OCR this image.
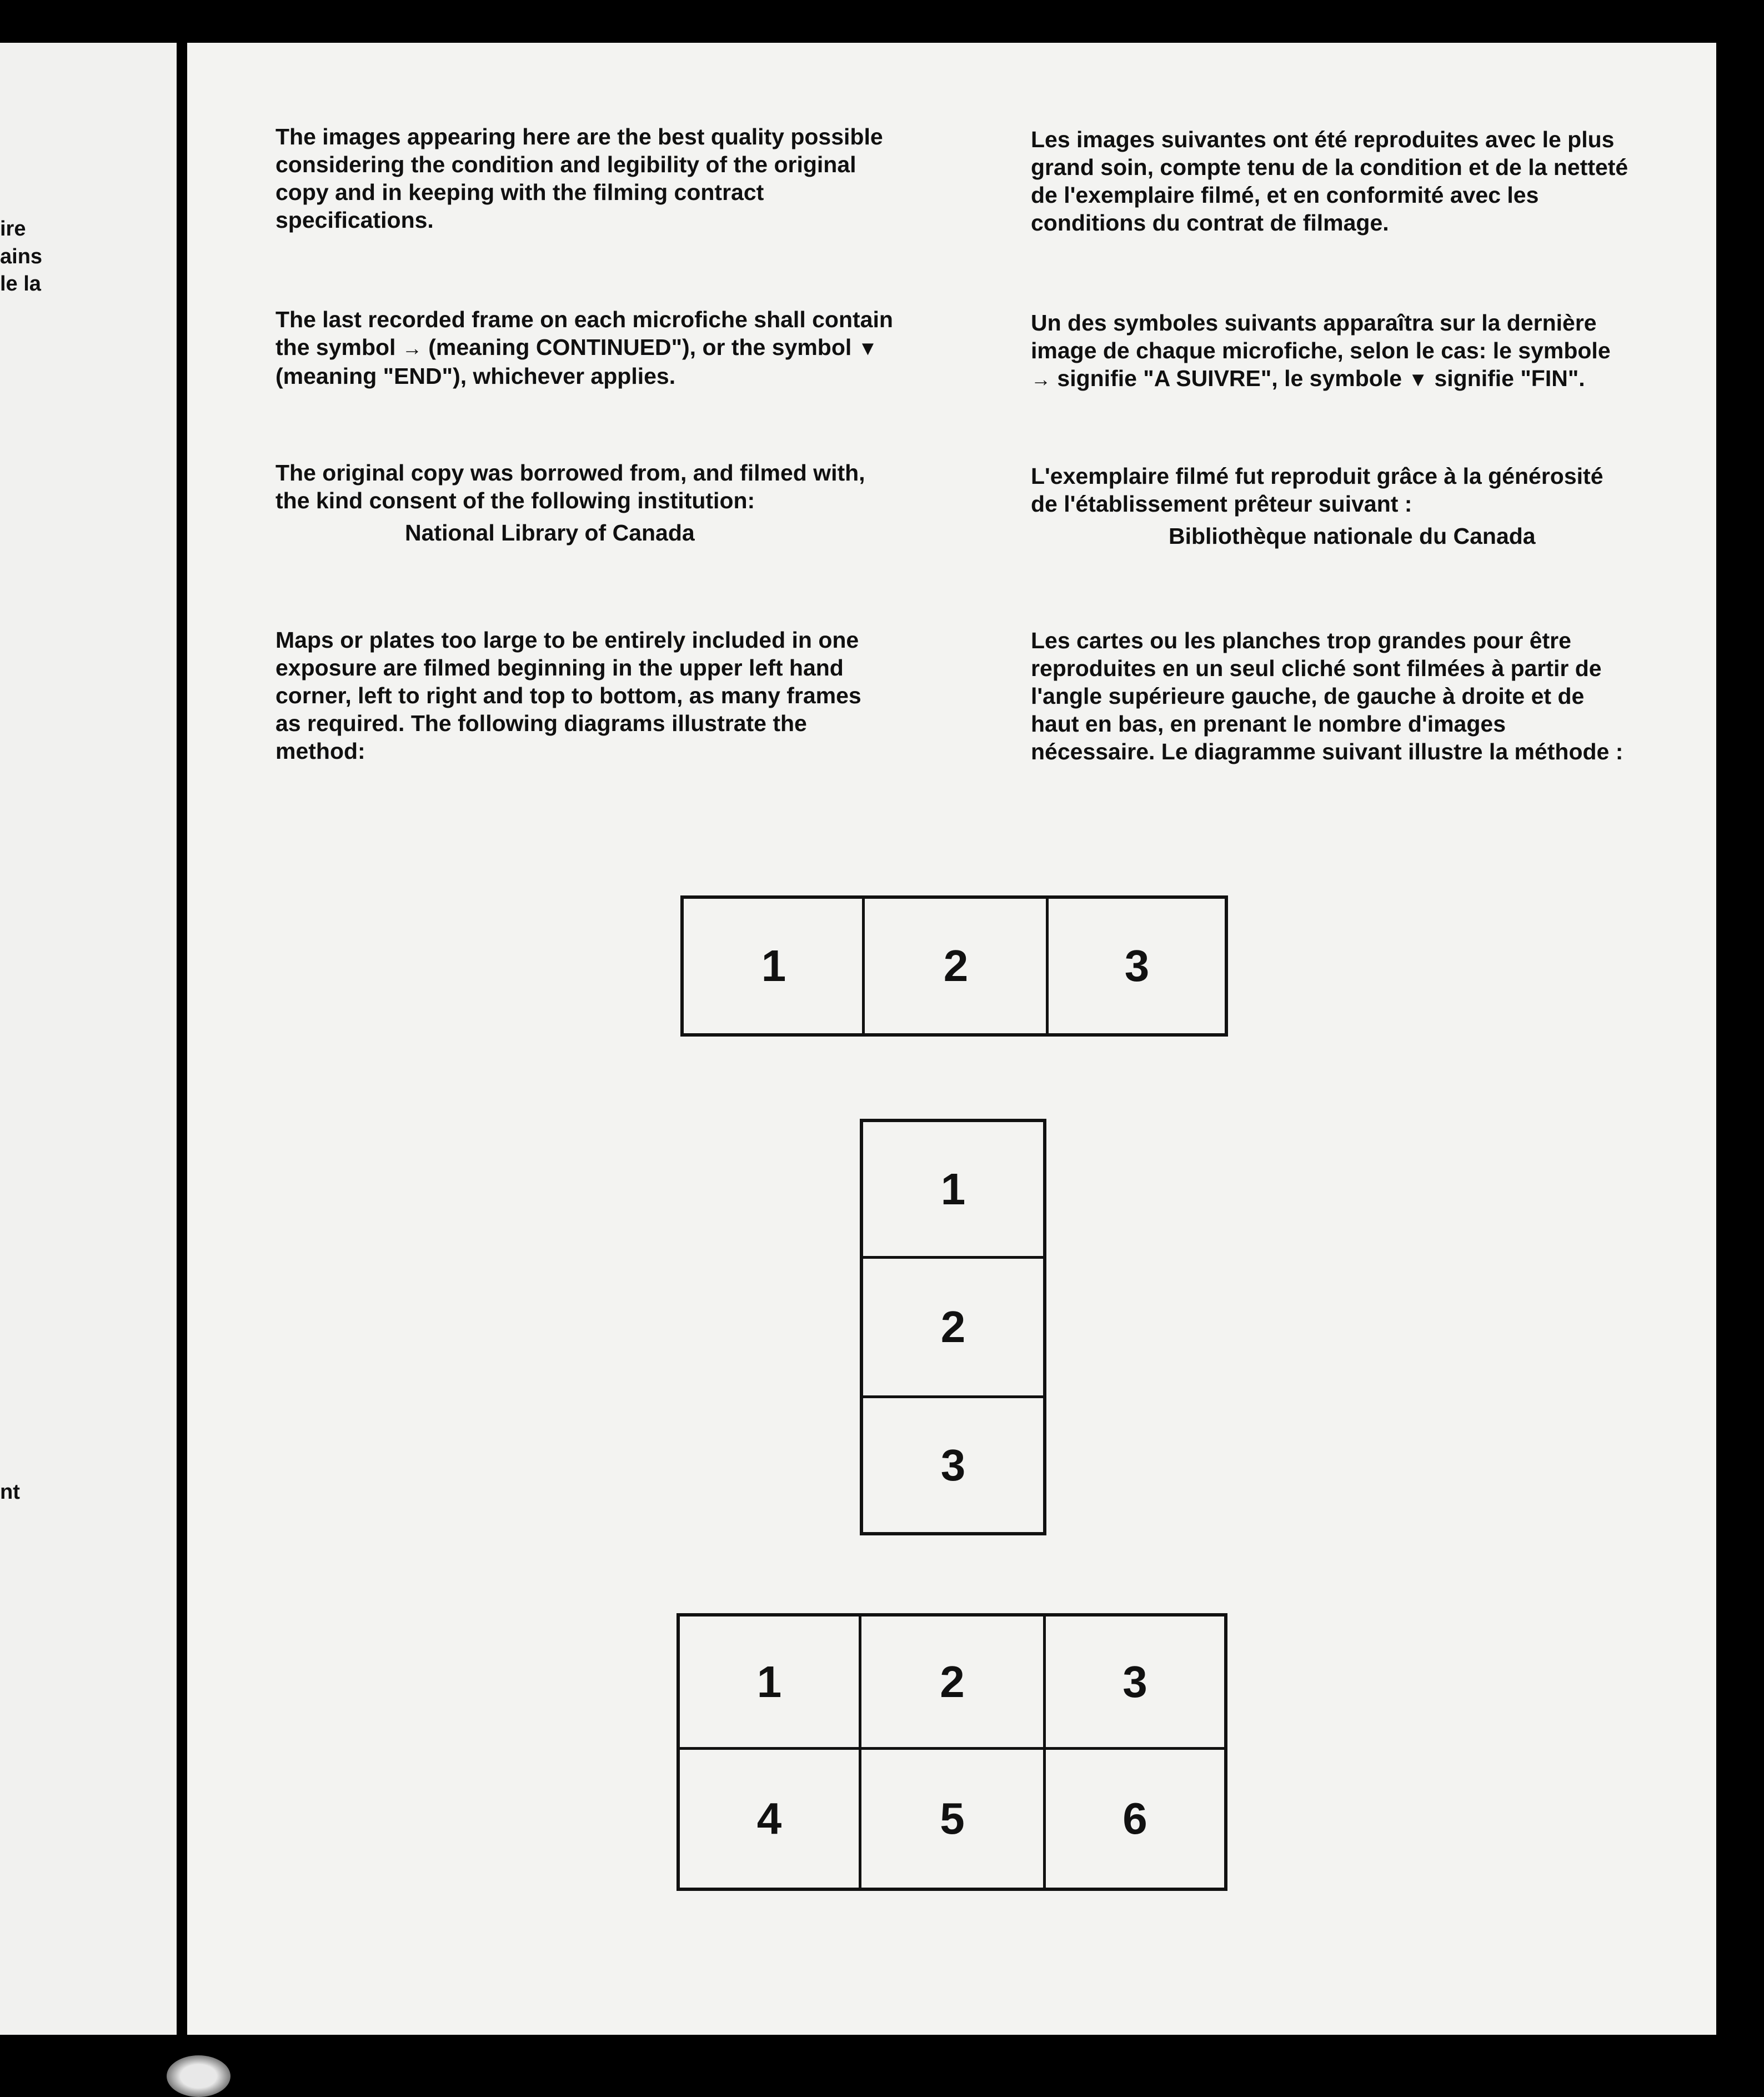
ire
ains
le la
nt

The images appearing here are the best quality possible considering the condition and legibility of the original copy and in keeping with the filming contract specifications.

The last recorded frame on each microfiche shall contain the symbol → (meaning CONTINUED"), or the symbol ▼ (meaning "END"), whichever applies.

The original copy was borrowed from, and filmed with, the kind consent of the following institution:

National Library of Canada

Maps or plates too large to be entirely included in one exposure are filmed beginning in the upper left hand corner, left to right and top to bottom, as many frames as required. The following diagrams illustrate the method:

Les images suivantes ont été reproduites avec le plus grand soin, compte tenu de la condition et de la netteté de l'exemplaire filmé, et en conformité avec les conditions du contrat de filmage.

Un des symboles suivants apparaîtra sur la dernière image de chaque microfiche, selon le cas: le symbole → signifie "A SUIVRE", le symbole ▼ signifie "FIN".

L'exemplaire filmé fut reproduit grâce à la générosité de l'établissement prêteur suivant :

Bibliothèque nationale du Canada

Les cartes ou les planches trop grandes pour être reproduites en un seul cliché sont filmées à partir de l'angle supérieure gauche, de gauche à droite et de haut en bas, en prenant le nombre d'images nécessaire. Le diagramme suivant illustre la méthode :

1	2	3
1
2
3
1	2	3
4	5	6
